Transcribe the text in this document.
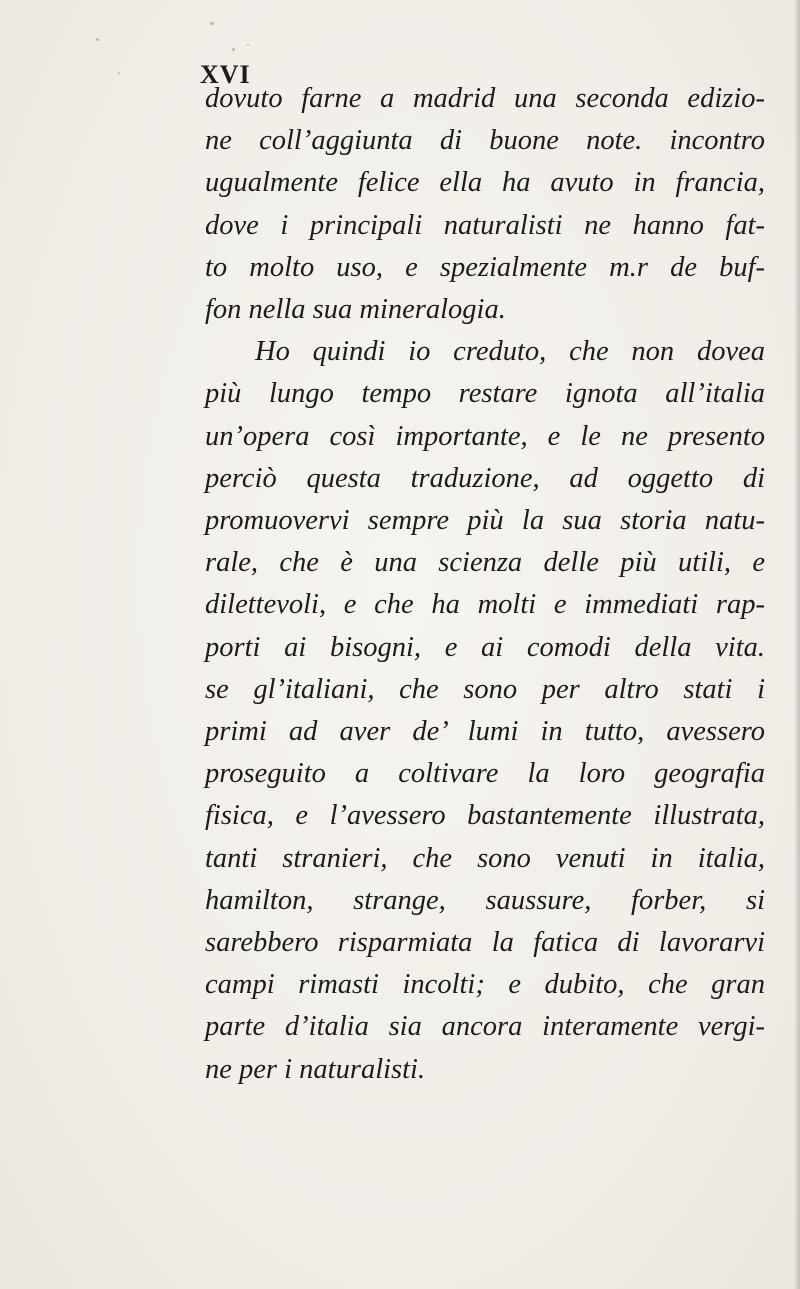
XVI
dovuto farne a madrid una seconda edizio-
ne coll’aggiunta di buone note. incontro
ugualmente felice ella ha avuto in francia,
dove i principali naturalisti ne hanno fat-
to molto uso, e spezialmente m.r de buf-
fon nella sua mineralogia.
Ho quindi io creduto, che non dovea
più lungo tempo restare ignota all’italia
un’opera così importante, e le ne presento
perciò questa traduzione, ad oggetto di
promuovervi sempre più la sua storia natu-
rale, che è una scienza delle più utili, e
dilettevoli, e che ha molti e immediati rap-
porti ai bisogni, e ai comodi della vita.
se gl’italiani, che sono per altro stati i
primi ad aver de’ lumi in tutto, avessero
proseguito a coltivare la loro geografia
fisica, e l’avessero bastantemente illustrata,
tanti stranieri, che sono venuti in italia,
hamilton, strange, saussure, forber, si
sarebbero risparmiata la fatica di lavorarvi
campi rimasti incolti; e dubito, che gran
parte d’italia sia ancora interamente vergi-
ne per i naturalisti.
